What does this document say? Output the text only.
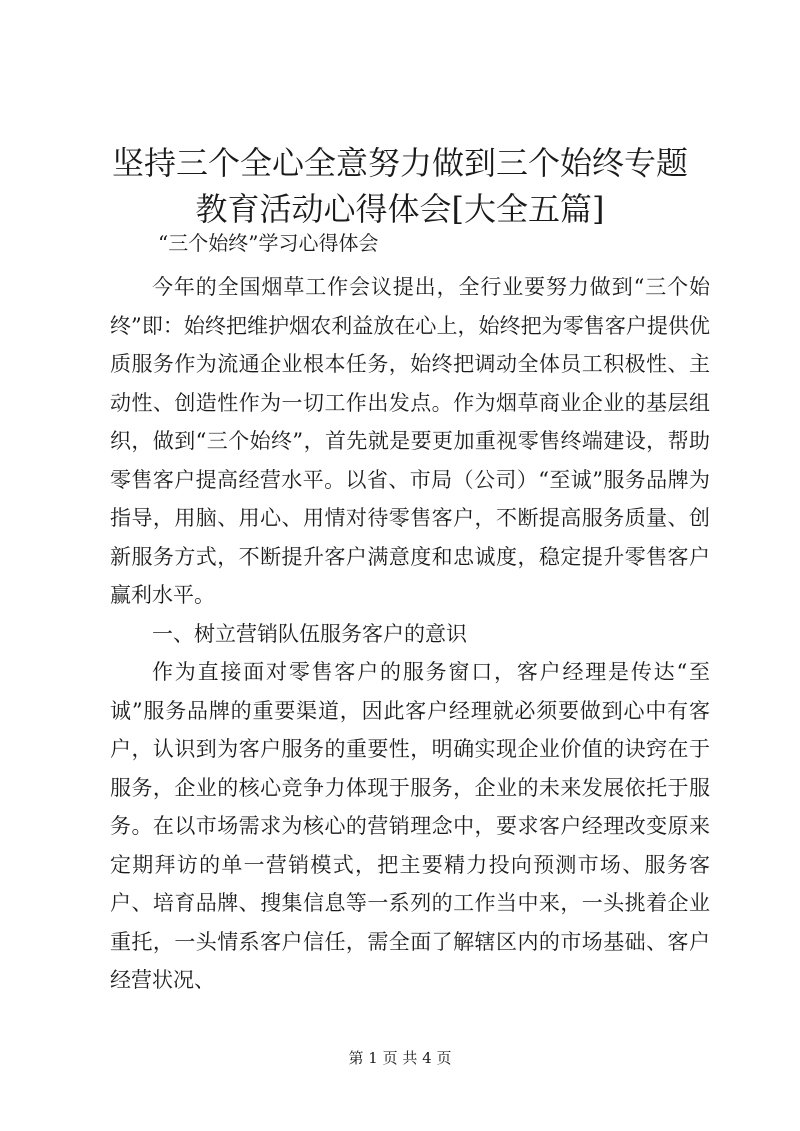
坚持三个全心全意努力做到三个始终专题教育活动心得体会[大全五篇]

“三个始终”学习心得体会

今年的全国烟草工作会议提出，全行业要努力做到“三个始终”即：始终把维护烟农利益放在心上，始终把为零售客户提供优质服务作为流通企业根本任务，始终把调动全体员工积极性、主动性、创造性作为一切工作出发点。作为烟草商业企业的基层组织，做到“三个始终”，首先就是要更加重视零售终端建设，帮助零售客户提高经营水平。以省、市局（公司）“至诚”服务品牌为指导，用脑、用心、用情对待零售客户，不断提高服务质量、创新服务方式，不断提升客户满意度和忠诚度，稳定提升零售客户赢利水平。

一、树立营销队伍服务客户的意识

作为直接面对零售客户的服务窗口，客户经理是传达“至诚”服务品牌的重要渠道，因此客户经理就必须要做到心中有客户，认识到为客户服务的重要性，明确实现企业价值的诀窍在于服务，企业的核心竞争力体现于服务，企业的未来发展依托于服务。在以市场需求为核心的营销理念中，要求客户经理改变原来定期拜访的单一营销模式，把主要精力投向预测市场、服务客户、培育品牌、搜集信息等一系列的工作当中来，一头挑着企业重托，一头情系客户信任，需全面了解辖区内的市场基础、客户经营状况、

第 1 页 共 4 页
